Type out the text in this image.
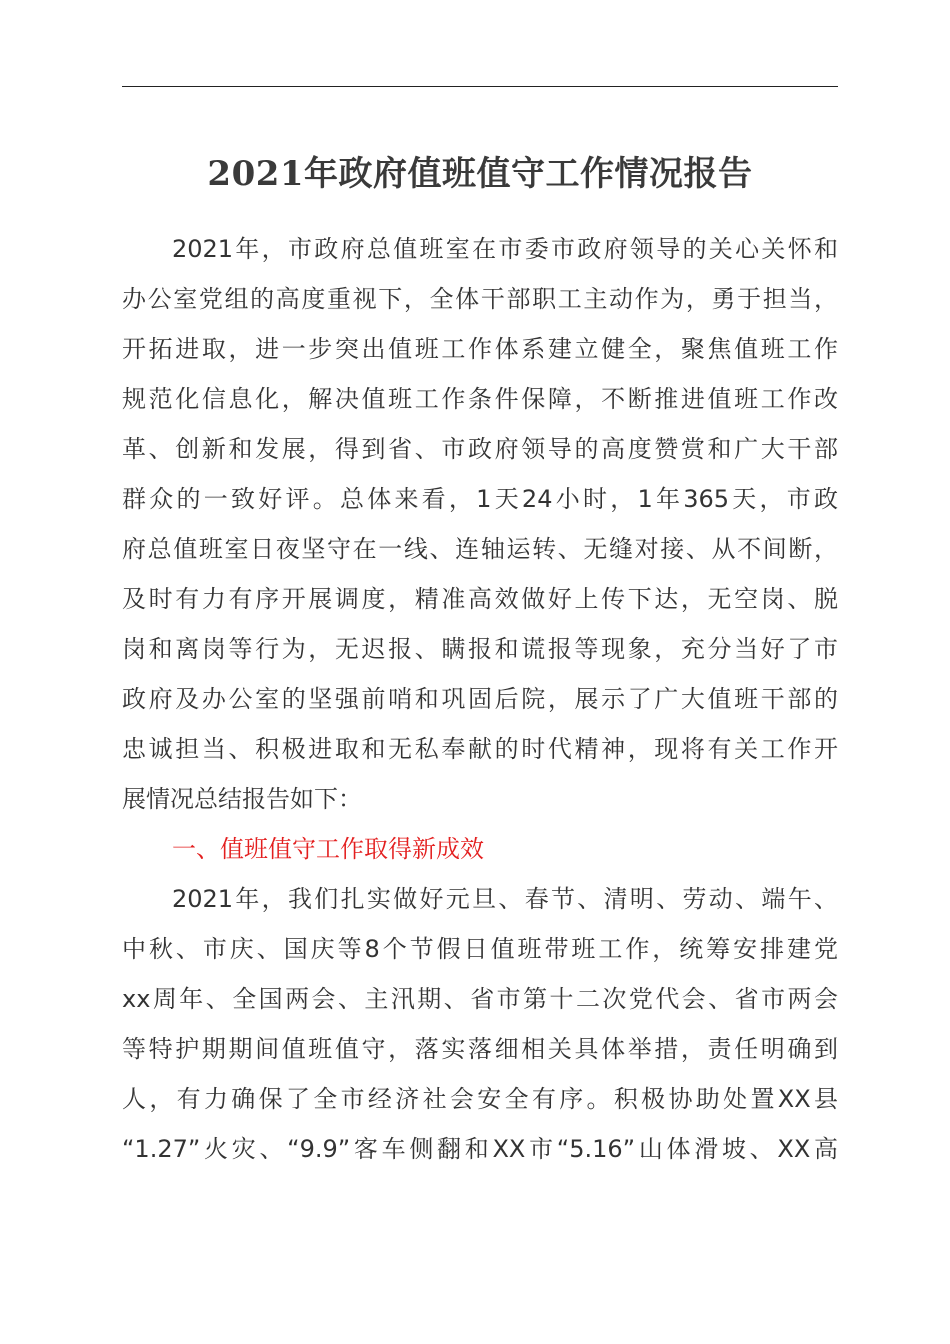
2021年政府值班值守工作情况报告
2021年，市政府总值班室在市委市政府领导的关心关怀和
办公室党组的高度重视下，全体干部职工主动作为，勇于担当，
开拓进取，进一步突出值班工作体系建立健全，聚焦值班工作
规范化信息化，解决值班工作条件保障，不断推进值班工作改
革、创新和发展，得到省、市政府领导的高度赞赏和广大干部
群众的一致好评。总体来看，1天24小时，1年365天，市政
府总值班室日夜坚守在一线、连轴运转、无缝对接、从不间断，
及时有力有序开展调度，精准高效做好上传下达，无空岗、脱
岗和离岗等行为，无迟报、瞒报和谎报等现象，充分当好了市
政府及办公室的坚强前哨和巩固后院，展示了广大值班干部的
忠诚担当、积极进取和无私奉献的时代精神，现将有关工作开
展情况总结报告如下：
一、值班值守工作取得新成效
2021年，我们扎实做好元旦、春节、清明、劳动、端午、
中秋、市庆、国庆等8个节假日值班带班工作，统筹安排建党
xx周年、全国两会、主汛期、省市第十二次党代会、省市两会
等特护期期间值班值守，落实落细相关具体举措，责任明确到
人，有力确保了全市经济社会安全有序。积极协助处置XX县
“1.27”火灾、“9.9”客车侧翻和XX市“5.16”山体滑坡、XX高
